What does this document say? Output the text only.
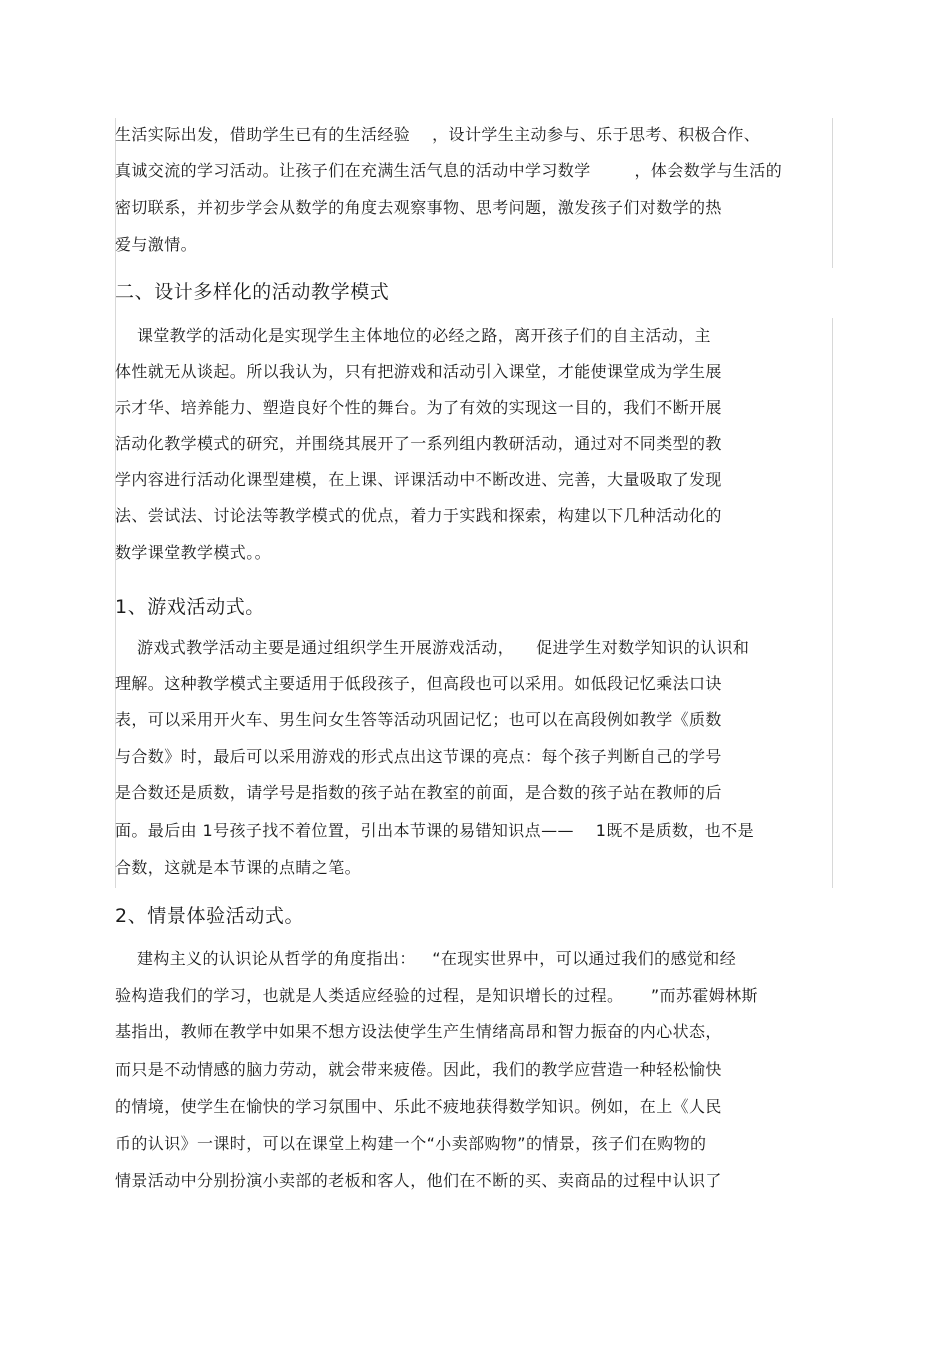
生活实际出发，借助学生已有的生活经验    ，设计学生主动参与、乐于思考、积极合作、
真诚交流的学习活动。让孩子们在充满生活气息的活动中学习数学        ，体会数学与生活的
密切联系，并初步学会从数学的角度去观察事物、思考问题，激发孩子们对数学的热
爱与激情。
二、设计多样化的活动教学模式
课堂教学的活动化是实现学生主体地位的必经之路，离开孩子们的自主活动，主
体性就无从谈起。所以我认为，只有把游戏和活动引入课堂，才能使课堂成为学生展
示才华、培养能力、塑造良好个性的舞台。为了有效的实现这一目的，我们不断开展
活动化教学模式的研究，并围绕其展开了一系列组内教研活动，通过对不同类型的教
学内容进行活动化课型建模，在上课、评课活动中不断改进、完善，大量吸取了发现
法、尝试法、讨论法等教学模式的优点，着力于实践和探索，构建以下几种活动化的
数学课堂教学模式。。
1、游戏活动式。
游戏式教学活动主要是通过组织学生开展游戏活动，    促进学生对数学知识的认识和
理解。这种教学模式主要适用于低段孩子，但高段也可以采用。如低段记忆乘法口诀
表，可以采用开火车、男生问女生答等活动巩固记忆；也可以在高段例如教学《质数
与合数》时，最后可以采用游戏的形式点出这节课的亮点：每个孩子判断自己的学号
是合数还是质数，请学号是指数的孩子站在教室的前面，是合数的孩子站在教师的后
面。最后由 1号孩子找不着位置，引出本节课的易错知识点——    1既不是质数，也不是
合数，这就是本节课的点睛之笔。
2、情景体验活动式。
建构主义的认识论从哲学的角度指出：   “在现实世界中，可以通过我们的感觉和经
验构造我们的学习，也就是人类适应经验的过程，是知识增长的过程。     ”而苏霍姆林斯
基指出，教师在教学中如果不想方设法使学生产生情绪高昂和智力振奋的内心状态，
而只是不动情感的脑力劳动，就会带来疲倦。因此，我们的教学应营造一种轻松愉快
的情境，使学生在愉快的学习氛围中、乐此不疲地获得数学知识。例如，在上《人民
币的认识》一课时，可以在课堂上构建一个“小卖部购物”的情景，孩子们在购物的
情景活动中分别扮演小卖部的老板和客人，他们在不断的买、卖商品的过程中认识了
